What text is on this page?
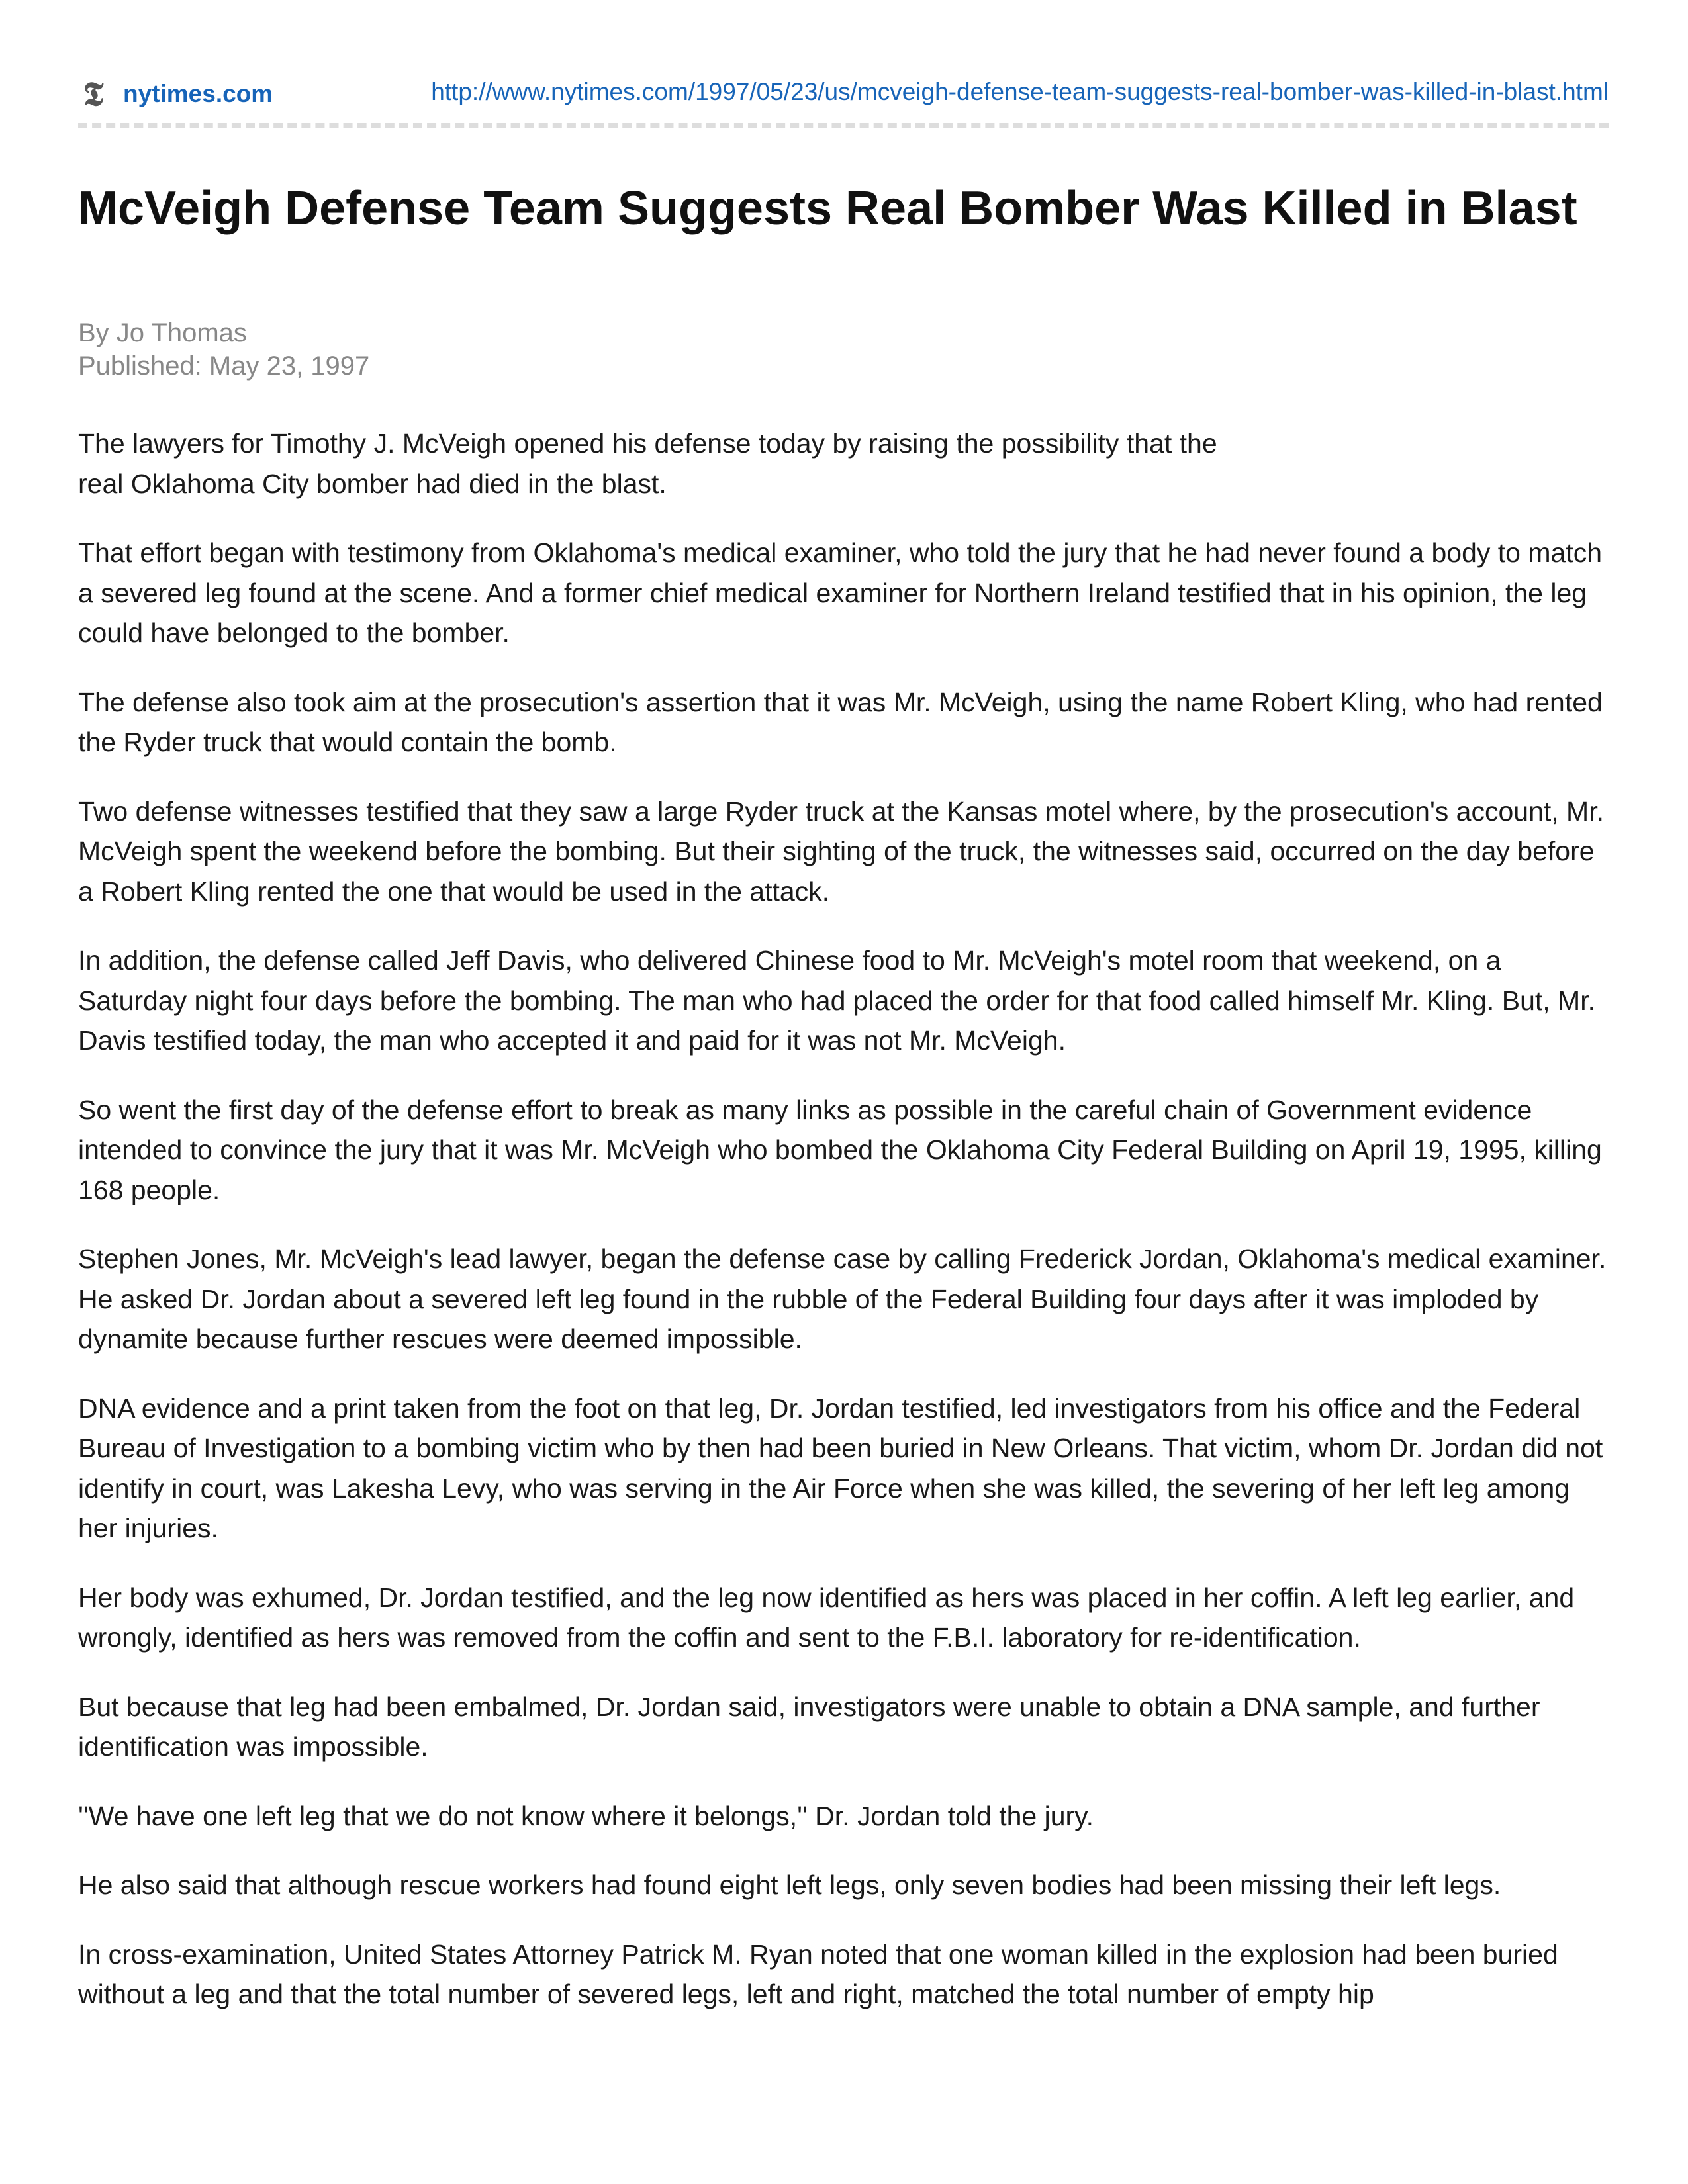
𝕿 nytimes.com	http://www.nytimes.com/1997/05/23/us/mcveigh-defense-team-suggests-real-bomber-was-killed-in-blast.html
McVeigh Defense Team Suggests Real Bomber Was Killed in Blast
By Jo Thomas
Published: May 23, 1997

The lawyers for Timothy J. McVeigh opened his defense today by raising the possibility that the real Oklahoma City bomber had died in the blast.

That effort began with testimony from Oklahoma's medical examiner, who told the jury that he had never found a body to match a severed leg found at the scene. And a former chief medical examiner for Northern Ireland testified that in his opinion, the leg could have belonged to the bomber.

The defense also took aim at the prosecution's assertion that it was Mr. McVeigh, using the name Robert Kling, who had rented the Ryder truck that would contain the bomb.

Two defense witnesses testified that they saw a large Ryder truck at the Kansas motel where, by the prosecution's account, Mr. McVeigh spent the weekend before the bombing. But their sighting of the truck, the witnesses said, occurred on the day before a Robert Kling rented the one that would be used in the attack.

In addition, the defense called Jeff Davis, who delivered Chinese food to Mr. McVeigh's motel room that weekend, on a Saturday night four days before the bombing. The man who had placed the order for that food called himself Mr. Kling. But, Mr. Davis testified today, the man who accepted it and paid for it was not Mr. McVeigh.

So went the first day of the defense effort to break as many links as possible in the careful chain of Government evidence intended to convince the jury that it was Mr. McVeigh who bombed the Oklahoma City Federal Building on April 19, 1995, killing 168 people.

Stephen Jones, Mr. McVeigh's lead lawyer, began the defense case by calling Frederick Jordan, Oklahoma's medical examiner. He asked Dr. Jordan about a severed left leg found in the rubble of the Federal Building four days after it was imploded by dynamite because further rescues were deemed impossible.

DNA evidence and a print taken from the foot on that leg, Dr. Jordan testified, led investigators from his office and the Federal Bureau of Investigation to a bombing victim who by then had been buried in New Orleans. That victim, whom Dr. Jordan did not identify in court, was Lakesha Levy, who was serving in the Air Force when she was killed, the severing of her left leg among her injuries.

Her body was exhumed, Dr. Jordan testified, and the leg now identified as hers was placed in her coffin. A left leg earlier, and wrongly, identified as hers was removed from the coffin and sent to the F.B.I. laboratory for re-identification.

But because that leg had been embalmed, Dr. Jordan said, investigators were unable to obtain a DNA sample, and further identification was impossible.

''We have one left leg that we do not know where it belongs,'' Dr. Jordan told the jury.

He also said that although rescue workers had found eight left legs, only seven bodies had been missing their left legs.

In cross-examination, United States Attorney Patrick M. Ryan noted that one woman killed in the explosion had been buried without a leg and that the total number of severed legs, left and right, matched the total number of empty hip
